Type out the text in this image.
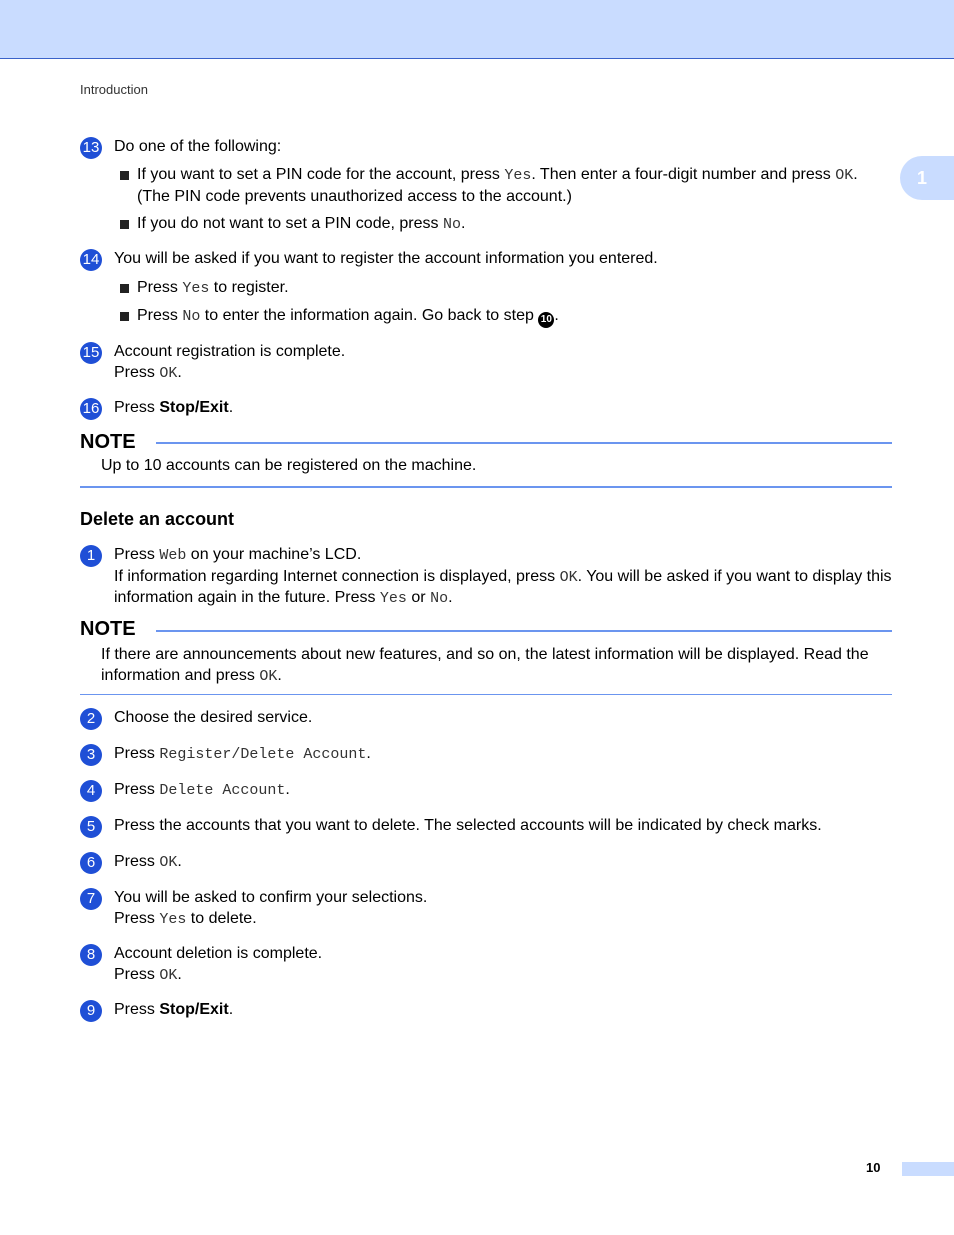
Introduction
1
13 Do one of the following:
If you want to set a PIN code for the account, press Yes. Then enter a four-digit number and press OK. (The PIN code prevents unauthorized access to the account.)
If you do not want to set a PIN code, press No.
14 You will be asked if you want to register the account information you entered.
Press Yes to register.
Press No to enter the information again. Go back to step 10 .
15 Account registration is complete.
Press OK.
16 Press Stop/Exit.
NOTE
Up to 10 accounts can be registered on the machine.
Delete an account
1	Press Web on your machine’s LCD.
If information regarding Internet connection is displayed, press OK. You will be asked if you want to display this information again in the future. Press Yes or No.
NOTE
If there are announcements about new features, and so on, the latest information will be displayed. Read the information and press OK.
2	Choose the desired service.
3	Press Register/Delete Account.
4	Press Delete Account.
5	Press the accounts that you want to delete. The selected accounts will be indicated by check marks.
6	Press OK.
7	You will be asked to confirm your selections.
Press Yes to delete.
8	Account deletion is complete.
Press OK.
9	Press Stop/Exit.
10
